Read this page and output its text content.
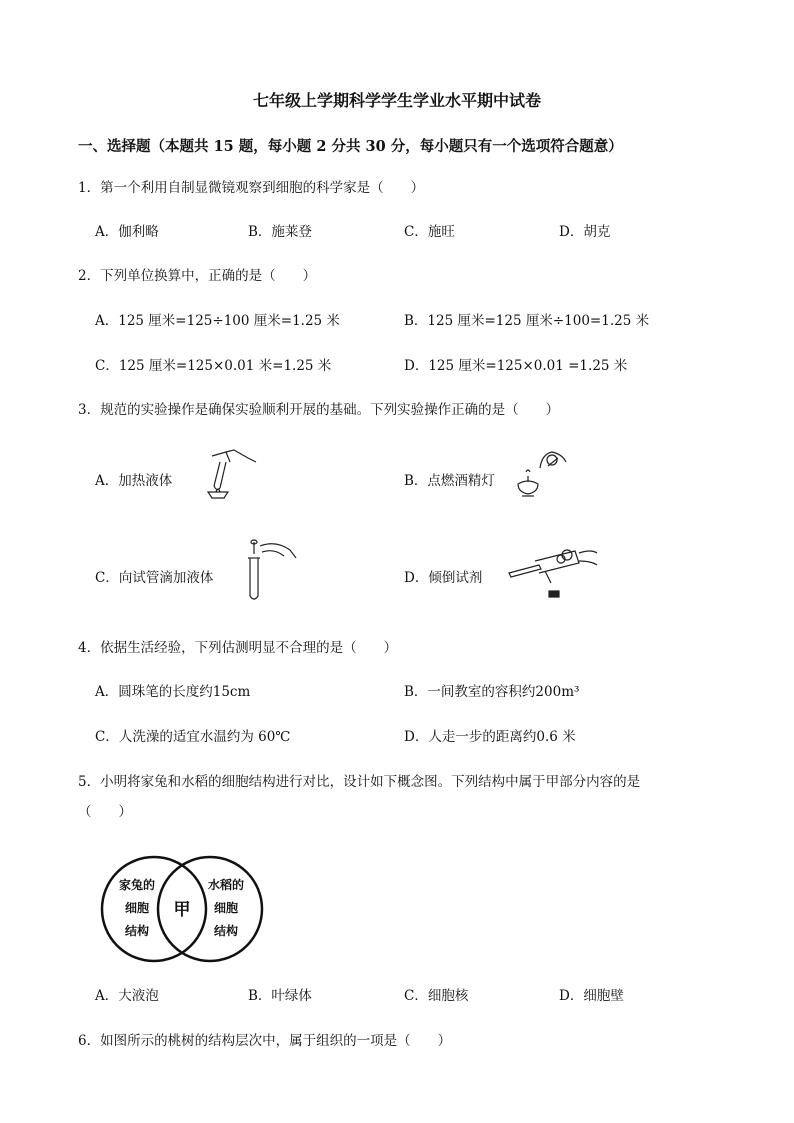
七年级上学期科学学生学业水平期中试卷
一、选择题（本题共 15 题，每小题 2 分共 30 分，每小题只有一个选项符合题意）
1．第一个利用自制显微镜观察到细胞的科学家是（　　）
A．伽利略	B．施莱登	C．施旺	D．胡克
2．下列单位换算中，正确的是（　　）
A．125 厘米=125÷100 厘米=1.25 米	B．125 厘米=125 厘米÷100=1.25 米
C．125 厘米=125×0.01 米=1.25 米	D．125 厘米=125×0.01 =1.25 米
3．规范的实验操作是确保实验顺利开展的基础。下列实验操作正确的是（　　）
A．加热液体	B．点燃酒精灯
C．向试管滴加液体	D．倾倒试剂
4．依据生活经验，下列估测明显不合理的是（　　）
A．圆珠笔的长度约15cm	B．一间教室的容积约200m³
C．人洗澡的适宜水温约为 60℃	D．人走一步的距离约0.6 米
5．小明将家兔和水稻的细胞结构进行对比，设计如下概念图。下列结构中属于甲部分内容的是
（　　）
家兔的
细胞
结构
甲
水稻的
细胞
结构
A．大液泡	B．叶绿体	C．细胞核	D．细胞壁
6．如图所示的桃树的结构层次中，属于组织的一项是（　　）
